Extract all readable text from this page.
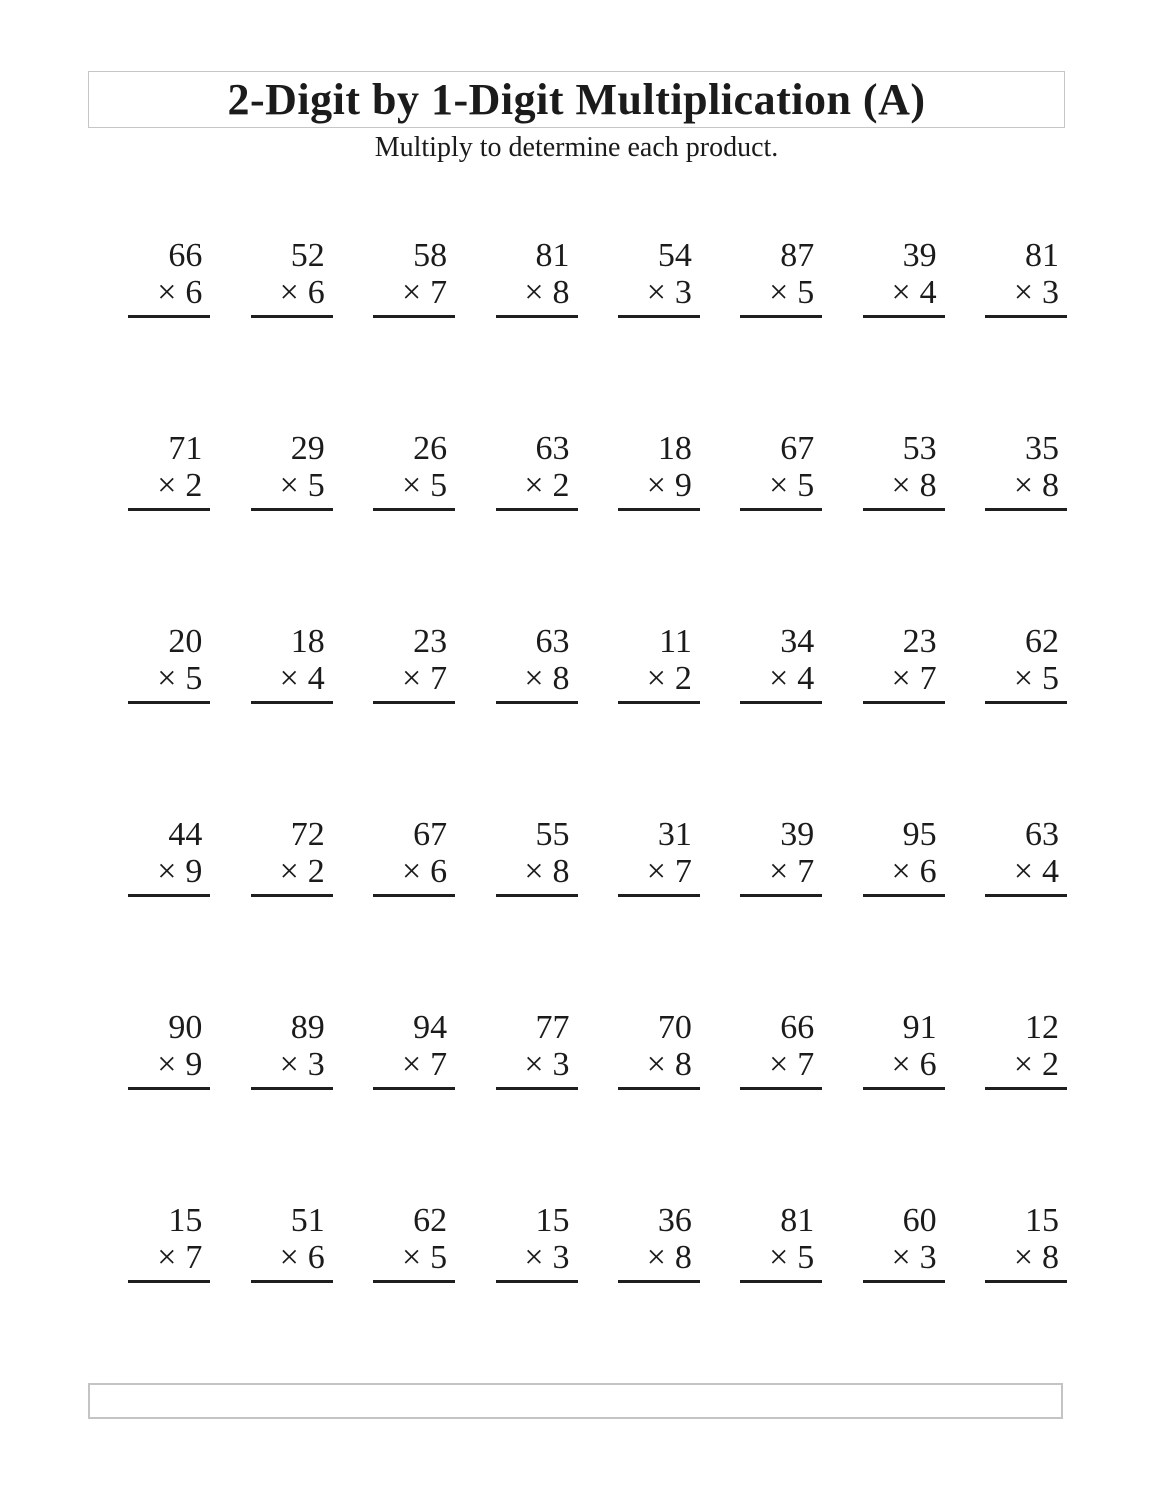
2-Digit by 1-Digit Multiplication (A)
Multiply to determine each product.
66
× 6
52
× 6
58
× 7
81
× 8
54
× 3
87
× 5
39
× 4
81
× 3
71
× 2
29
× 5
26
× 5
63
× 2
18
× 9
67
× 5
53
× 8
35
× 8
20
× 5
18
× 4
23
× 7
63
× 8
11
× 2
34
× 4
23
× 7
62
× 5
44
× 9
72
× 2
67
× 6
55
× 8
31
× 7
39
× 7
95
× 6
63
× 4
90
× 9
89
× 3
94
× 7
77
× 3
70
× 8
66
× 7
91
× 6
12
× 2
15
× 7
51
× 6
62
× 5
15
× 3
36
× 8
81
× 5
60
× 3
15
× 8
